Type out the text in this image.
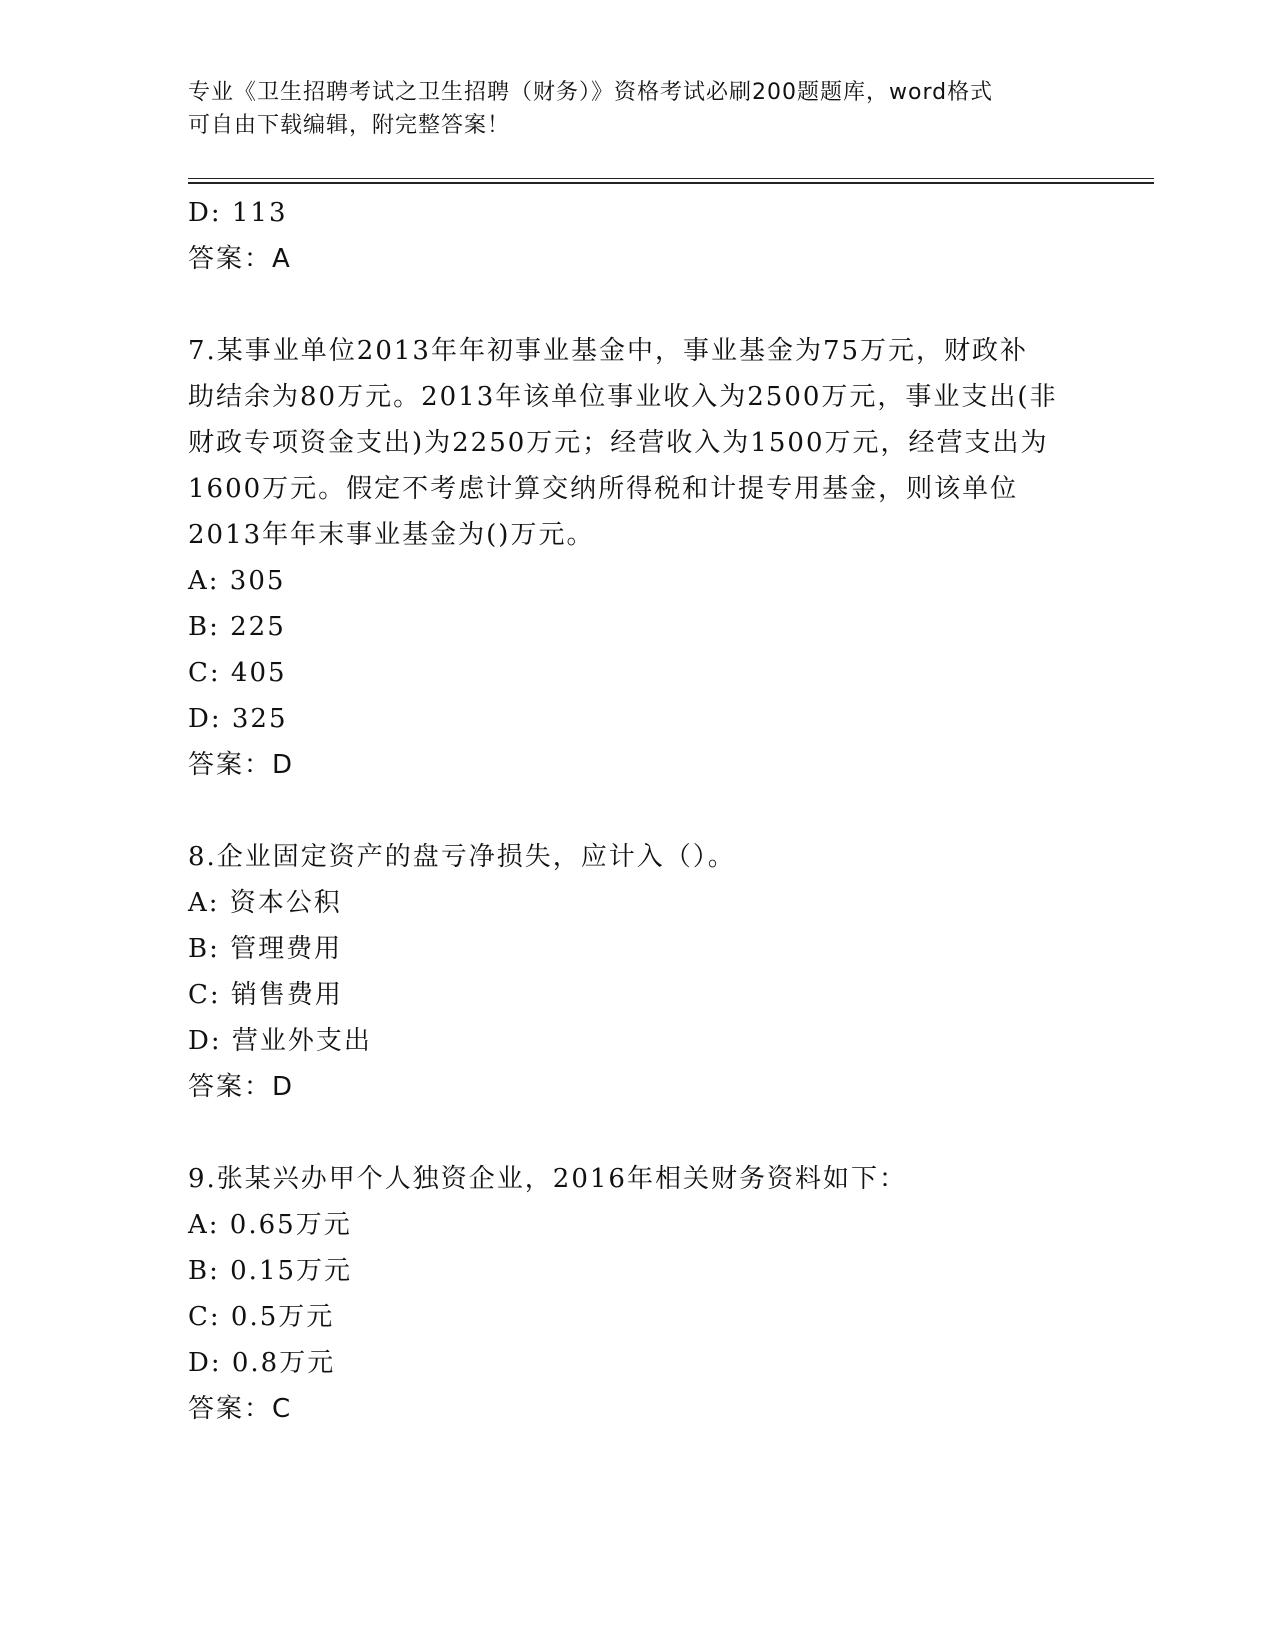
专业《卫生招聘考试之卫生招聘（财务）》资格考试必刷200题题库，word格式
可自由下载编辑，附完整答案！
D: 113
答案：A
7.某事业单位2013年年初事业基金中，事业基金为75万元，财政补
助结余为80万元。2013年该单位事业收入为2500万元，事业支出(非
财政专项资金支出)为2250万元；经营收入为1500万元，经营支出为
1600万元。假定不考虑计算交纳所得税和计提专用基金，则该单位
2013年年末事业基金为()万元。
A: 305
B: 225
C: 405
D: 325
答案：D
8.企业固定资产的盘亏净损失，应计入（）。
A: 资本公积
B: 管理费用
C: 销售费用
D: 营业外支出
答案：D
9.张某兴办甲个人独资企业，2016年相关财务资料如下：
A: 0.65万元
B: 0.15万元
C: 0.5万元
D: 0.8万元
答案：C
